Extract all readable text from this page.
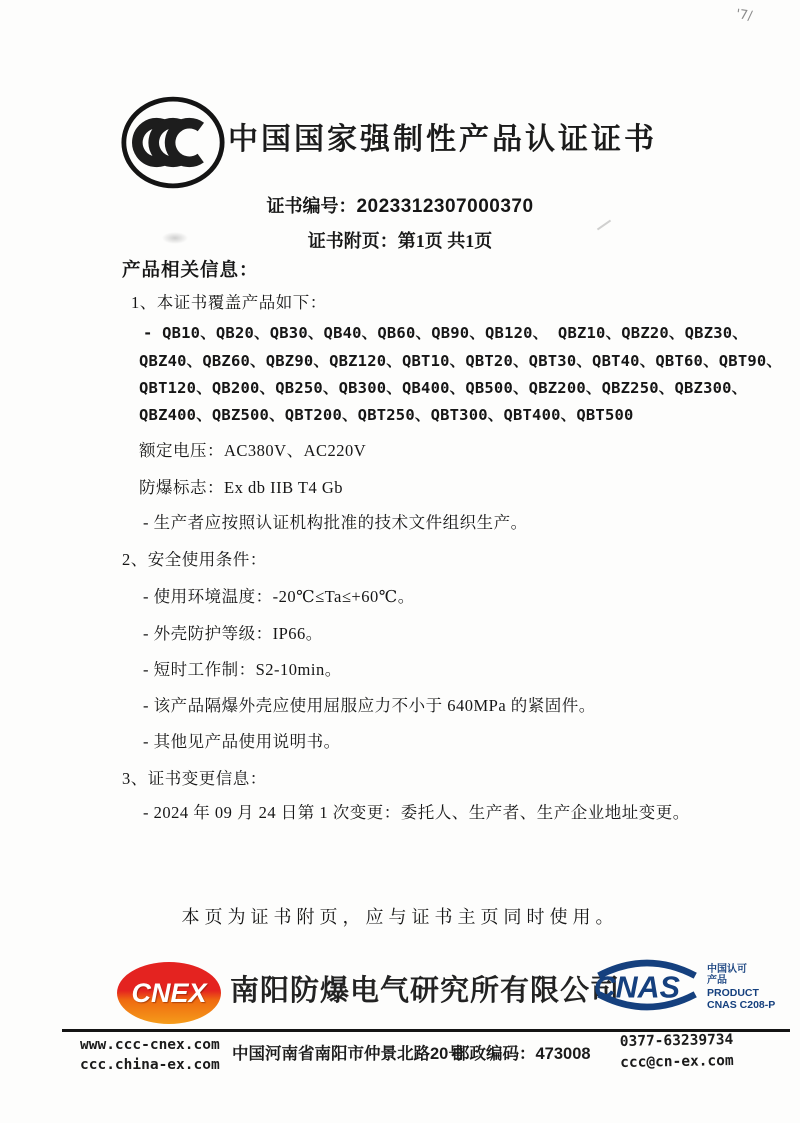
'7/
中国国家强制性产品认证证书
证书编号：2023312307000370
证书附页：第1页 共1页
产品相关信息：
1、本证书覆盖产品如下：
- QB10、QB20、QB30、QB40、QB60、QB90、QB120、 QBZ10、QBZ20、QBZ30、
QBZ40、QBZ60、QBZ90、QBZ120、QBT10、QBT20、QBT30、QBT40、QBT60、QBT90、
QBT120、QB200、QB250、QB300、QB400、QB500、QBZ200、QBZ250、QBZ300、
QBZ400、QBZ500、QBT200、QBT250、QBT300、QBT400、QBT500
额定电压：AC380V、AC220V
防爆标志：Ex db IIB T4 Gb
- 生产者应按照认证机构批准的技术文件组织生产。
2、安全使用条件：
- 使用环境温度：-20℃≤Ta≤+60℃。
- 外壳防护等级：IP66。
- 短时工作制：S2-10min。
- 该产品隔爆外壳应使用屈服应力不小于 640MPa 的紧固件。
- 其他见产品使用说明书。
3、证书变更信息：
- 2024 年 09 月 24 日第 1 次变更：委托人、生产者、生产企业地址变更。
本页为证书附页，应与证书主页同时使用。
CNEX 南阳防爆电气研究所有限公司
CNAS
中国认可
产品
PRODUCT
CNAS C208-P
www.ccc-cnex.com
ccc.china-ex.com
中国河南省南阳市仲景北路20号
邮政编码：473008
0377-63239734
ccc@cn-ex.com
